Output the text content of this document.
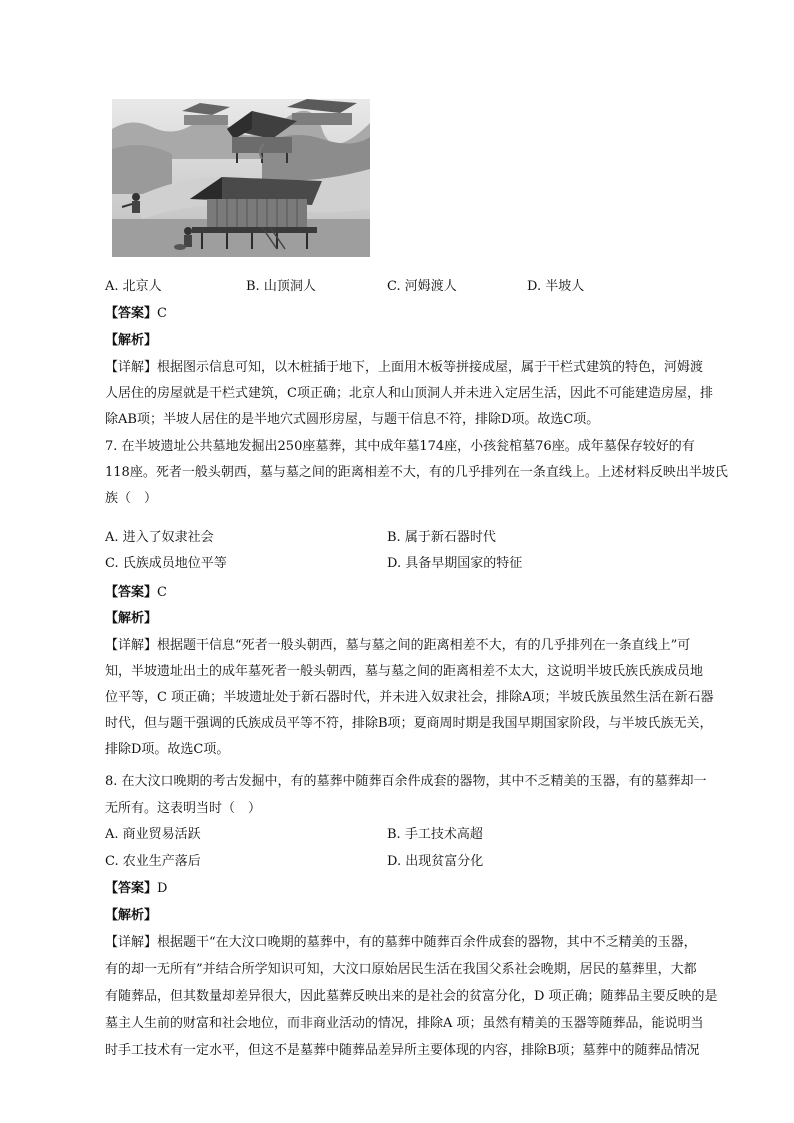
A. 北京人	B. 山顶洞人	C. 河姆渡人	D. 半坡人
【答案】C
【解析】
【详解】根据图示信息可知，以木桩插于地下，上面用木板等拼接成屋，属于干栏式建筑的特色，河姆渡
人居住的房屋就是干栏式建筑，C项正确；北京人和山顶洞人并未进入定居生活，因此不可能建造房屋，排
除AB项；半坡人居住的是半地穴式圆形房屋，与题干信息不符，排除D项。故选C项。
7. 在半坡遗址公共墓地发掘出250座墓葬，其中成年墓174座，小孩瓮棺墓76座。成年墓保存较好的有
118座。死者一般头朝西，墓与墓之间的距离相差不大，有的几乎排列在一条直线上。上述材料反映出半坡氏
族（　）
A. 进入了奴隶社会	B. 属于新石器时代
C. 氏族成员地位平等	D. 具备早期国家的特征
【答案】C
【解析】
【详解】根据题干信息“死者一般头朝西，墓与墓之间的距离相差不大，有的几乎排列在一条直线上”可
知，半坡遗址出土的成年墓死者一般头朝西，墓与墓之间的距离相差不太大，这说明半坡氏族氏族成员地
位平等，C 项正确；半坡遗址处于新石器时代，并未进入奴隶社会，排除A项；半坡氏族虽然生活在新石器
时代，但与题干强调的氏族成员平等不符，排除B项；夏商周时期是我国早期国家阶段，与半坡氏族无关，
排除D项。故选C项。
8. 在大汶口晚期的考古发掘中，有的墓葬中随葬百余件成套的器物，其中不乏精美的玉器，有的墓葬却一
无所有。这表明当时（　）
A. 商业贸易活跃	B. 手工技术高超
C. 农业生产落后	D. 出现贫富分化
【答案】D
【解析】
【详解】根据题干“在大汶口晚期的墓葬中，有的墓葬中随葬百余件成套的器物，其中不乏精美的玉器，
有的却一无所有”并结合所学知识可知，大汶口原始居民生活在我国父系社会晚期，居民的墓葬里，大都
有随葬品，但其数量却差异很大，因此墓葬反映出来的是社会的贫富分化，D 项正确；随葬品主要反映的是
墓主人生前的财富和社会地位，而非商业活动的情况，排除A 项；虽然有精美的玉器等随葬品，能说明当
时手工技术有一定水平，但这不是墓葬中随葬品差异所主要体现的内容，排除B项；墓葬中的随葬品情况
